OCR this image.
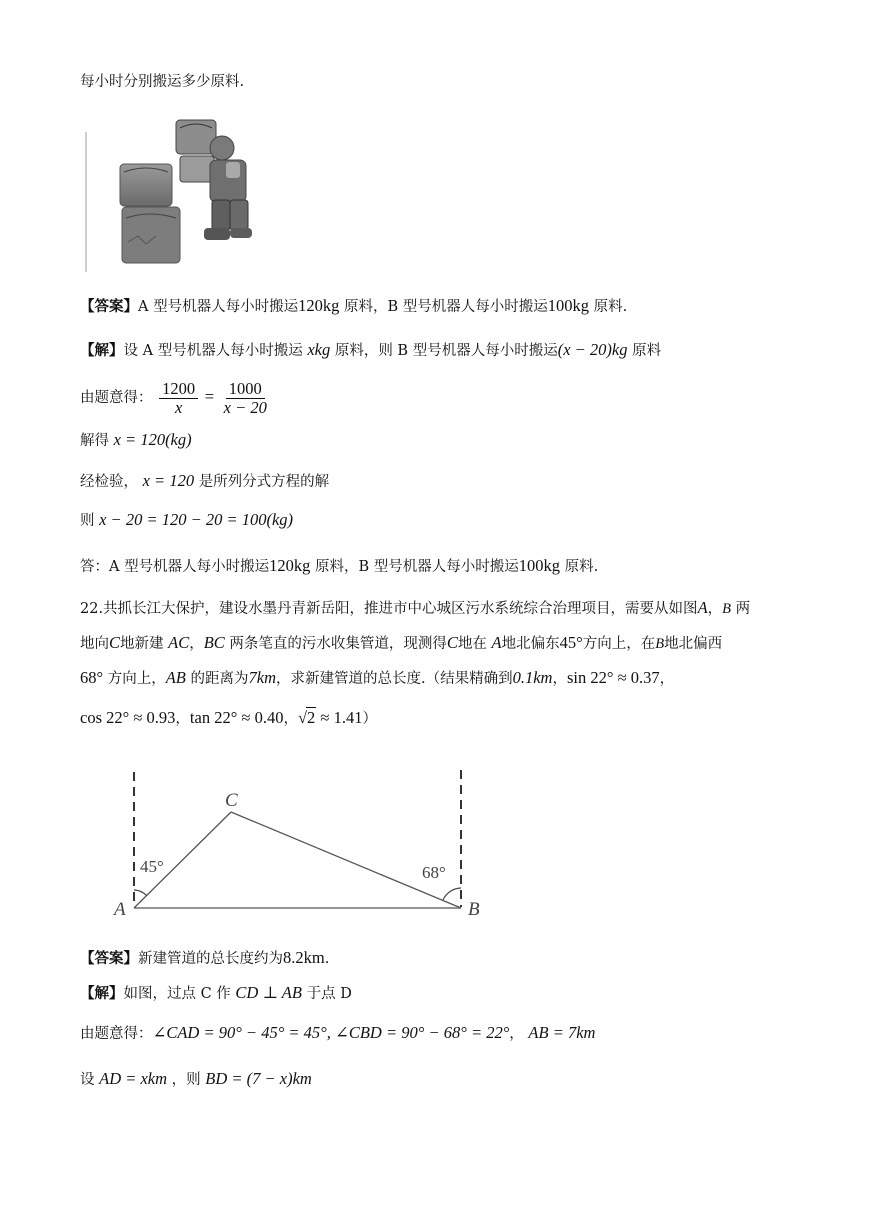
每小时分别搬运多少原料.
【答案】A 型号机器人每小时搬运120kg 原料，B 型号机器人每小时搬运100kg 原料.
【解】设 A 型号机器人每小时搬运 xkg 原料，则 B 型号机器人每小时搬运(x − 20)kg 原料
由题意得： $\frac{1200}{x} = \frac{1000}{x - 20}$
解得 x = 120(kg)
经检验， x = 120 是所列分式方程的解
则 x − 20 = 120 − 20 = 100(kg)
答：A 型号机器人每小时搬运120kg 原料，B 型号机器人每小时搬运100kg 原料.
22.共抓长江大保护，建设水墨丹青新岳阳，推进市中心城区污水系统综合治理项目，需要从如图A，B 两
地向C地新建 AC，BC 两条笔直的污水收集管道，现测得C地在 A地北偏东45°方向上，在B地北偏西
68° 方向上，AB 的距离为7km，求新建管道的总长度.（结果精确到0.1km，sin 22° ≈ 0.37，
cos 22° ≈ 0.93，tan 22° ≈ 0.40，√2 ≈ 1.41）
A	B
C
45°	68°
【答案】新建管道的总长度约为8.2km.
【解】如图，过点 C 作 CD ⊥ AB 于点 D
由题意得：∠CAD = 90° − 45° = 45°, ∠CBD = 90° − 68° = 22°， AB = 7km
设 AD = xkm ，则 BD = (7 − x)km
